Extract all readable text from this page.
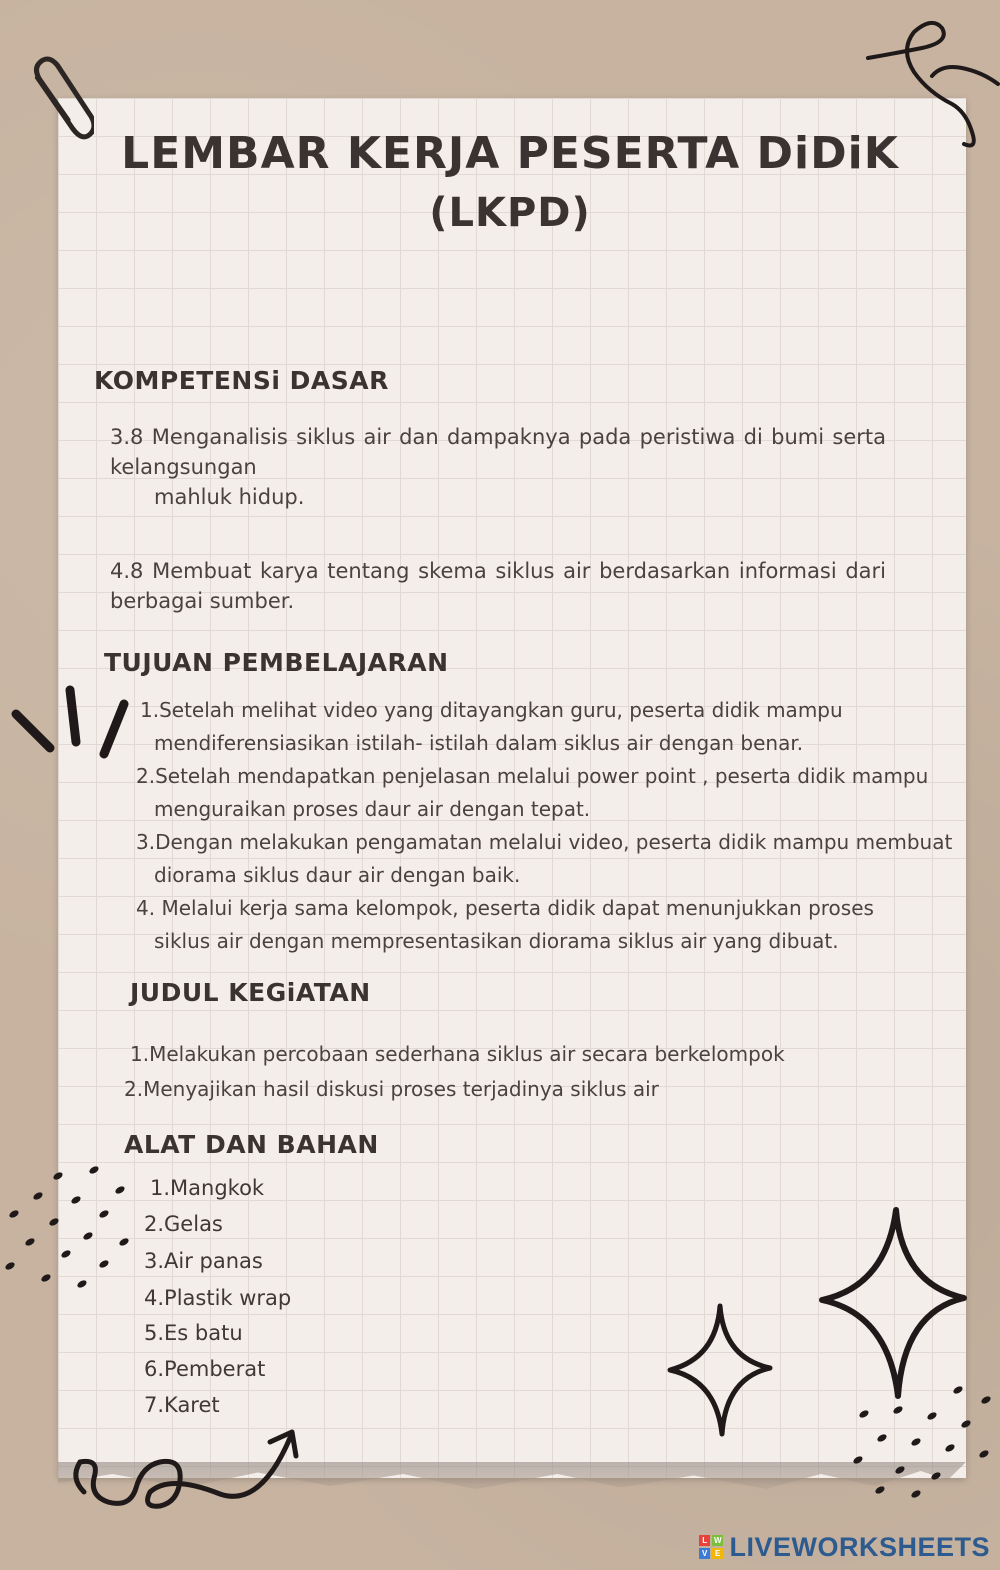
LEMBAR KERJA PESERTA DiDiK
(LKPD)
KOMPETENSi DASAR
3.8 Menganalisis siklus air dan dampaknya pada peristiwa di bumi serta kelangsungan
mahluk hidup.
4.8 Membuat karya tentang skema siklus air berdasarkan informasi dari berbagai sumber.
TUJUAN PEMBELAJARAN
1.Setelah melihat video yang ditayangkan guru, peserta didik mampu
mendiferensiasikan istilah- istilah dalam siklus air dengan benar.
2.Setelah mendapatkan penjelasan melalui power point , peserta didik mampu
menguraikan proses daur air dengan tepat.
3.Dengan melakukan pengamatan melalui video, peserta didik mampu membuat
diorama siklus daur air dengan baik.
4. Melalui kerja sama kelompok, peserta didik dapat menunjukkan proses
siklus air dengan mempresentasikan diorama siklus air yang dibuat.
JUDUL KEGiATAN
1.Melakukan percobaan sederhana siklus air secara berkelompok
2.Menyajikan hasil diskusi proses terjadinya siklus air
ALAT DAN BAHAN
1.Mangkok
2.Gelas
3.Air panas
4.Plastik wrap
5.Es batu
6.Pemberat
7.Karet
L W
V E LIVEWORKSHEETS
